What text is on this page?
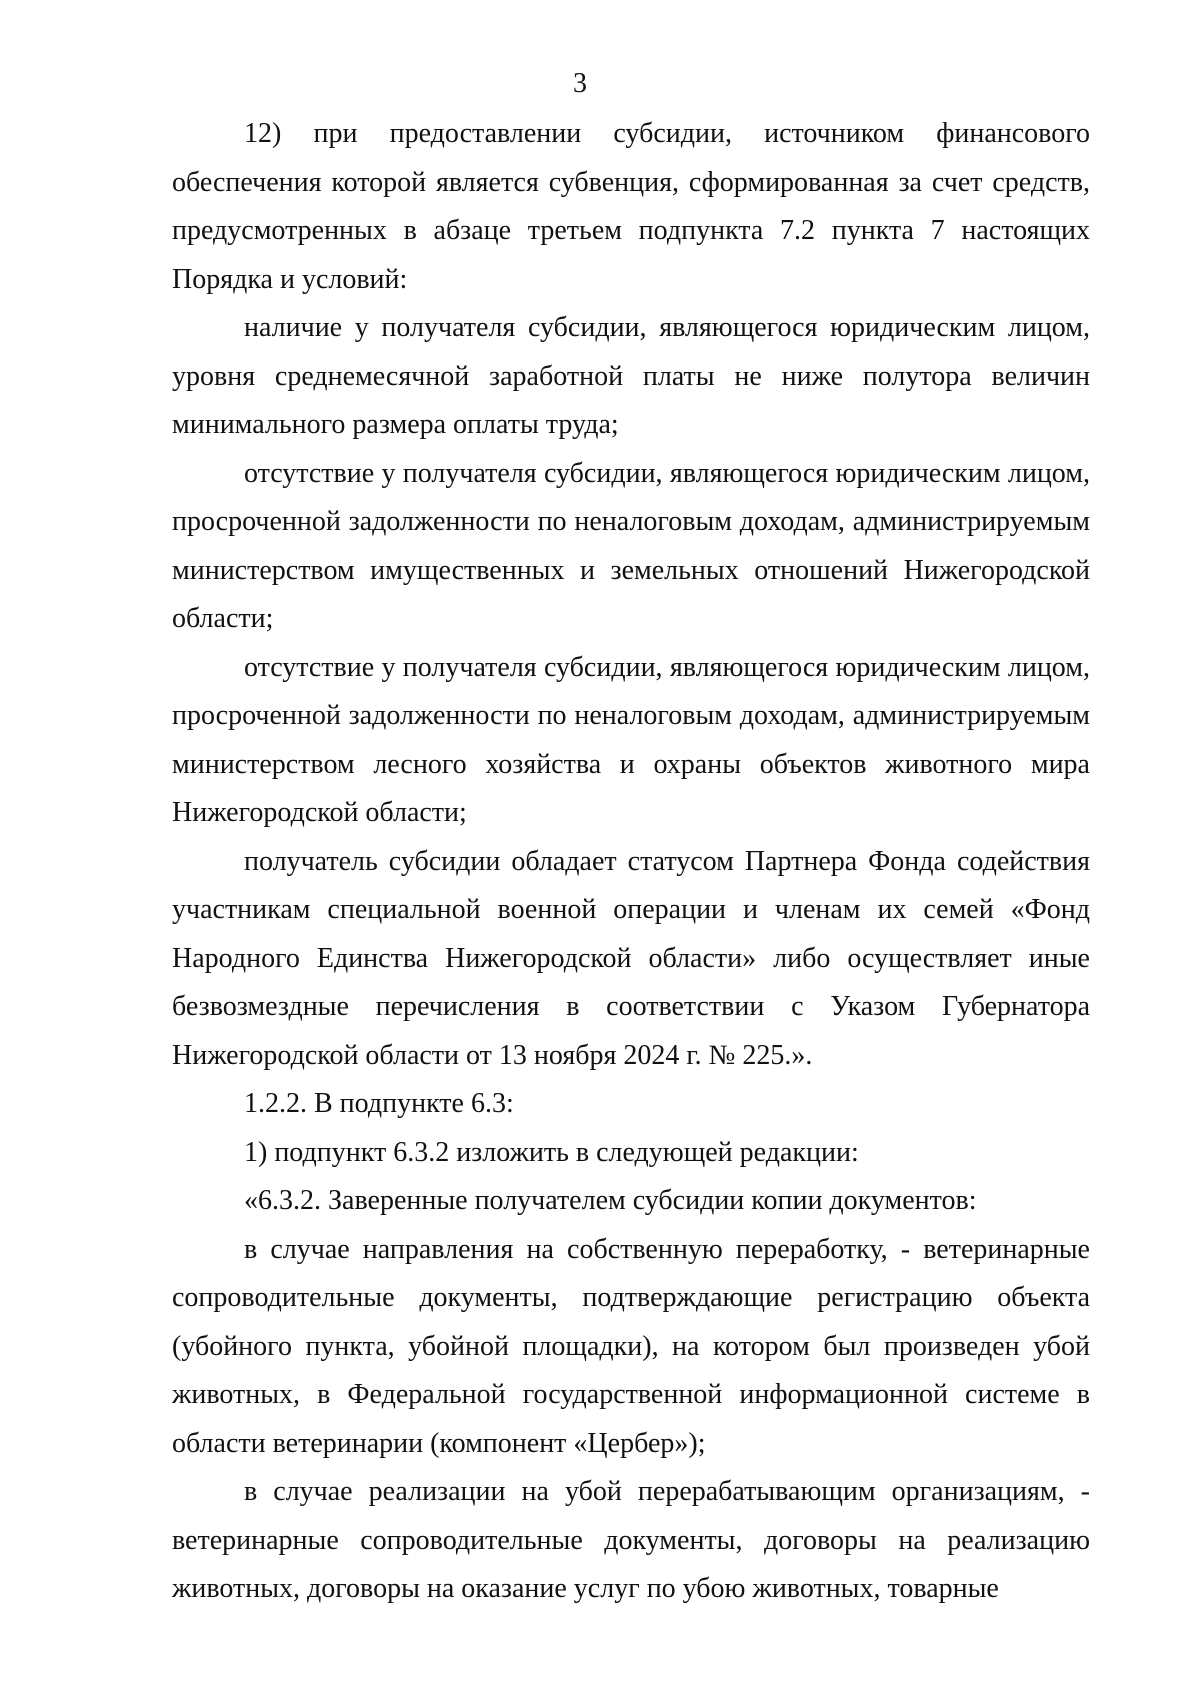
3

12) при предоставлении субсидии, источником финансового обеспечения которой является субвенция, сформированная за счет средств, предусмотренных в абзаце третьем подпункта 7.2 пункта 7 настоящих Порядка и условий:

наличие у получателя субсидии, являющегося юридическим лицом, уровня среднемесячной заработной платы не ниже полутора величин минимального размера оплаты труда;

отсутствие у получателя субсидии, являющегося юридическим лицом, просроченной задолженности по неналоговым доходам, администрируемым министерством имущественных и земельных отношений Нижегородской области;

отсутствие у получателя субсидии, являющегося юридическим лицом, просроченной задолженности по неналоговым доходам, администрируемым министерством лесного хозяйства и охраны объектов животного мира Нижегородской области;

получатель субсидии обладает статусом Партнера Фонда содействия участникам специальной военной операции и членам их семей «Фонд Народного Единства Нижегородской области» либо осуществляет иные безвозмездные перечисления в соответствии с Указом Губернатора Нижегородской области от 13 ноября 2024 г. № 225.».

1.2.2. В подпункте 6.3:

1) подпункт 6.3.2 изложить в следующей редакции:

«6.3.2. Заверенные получателем субсидии копии документов:

в случае направления на собственную переработку, - ветеринарные сопроводительные документы, подтверждающие регистрацию объекта (убойного пункта, убойной площадки), на котором был произведен убой животных, в Федеральной государственной информационной системе в области ветеринарии (компонент «Цербер»);

в случае реализации на убой перерабатывающим организациям, - ветеринарные сопроводительные документы, договоры на реализацию животных, договоры на оказание услуг по убою животных, товарные
